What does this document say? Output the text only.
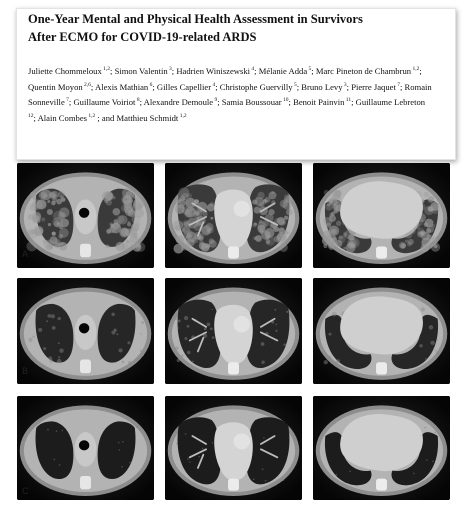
One-Year Mental and Physical Health Assessment in Survivors
After ECMO for COVID-19-related ARDS
Juliette Chommeloux $^{1,2}$; Simon Valentin $^3$; Hadrien Winiszewski $^4$; Mélanie Adda $^5$; Marc Pineton de Chambrun $^{1,2}$; Quentin Moyon $^{2,6}$; Alexis Mathian $^6$; Gilles Capellier $^4$; Christophe Guervilly $^5$; Bruno Levy $^3$; Pierre Jaquet $^7$; Romain Sonneville $^7$; Guillaume Voiriot $^8$; Alexandre Demoule $^9$; Samia Boussouar $^{10}$; Benoit Painvin $^{11}$; Guillaume Lebreton $^{12}$; Alain Combes $^{1,2}$ ; and Matthieu Schmidt $^{1,2}$
A
B
C
